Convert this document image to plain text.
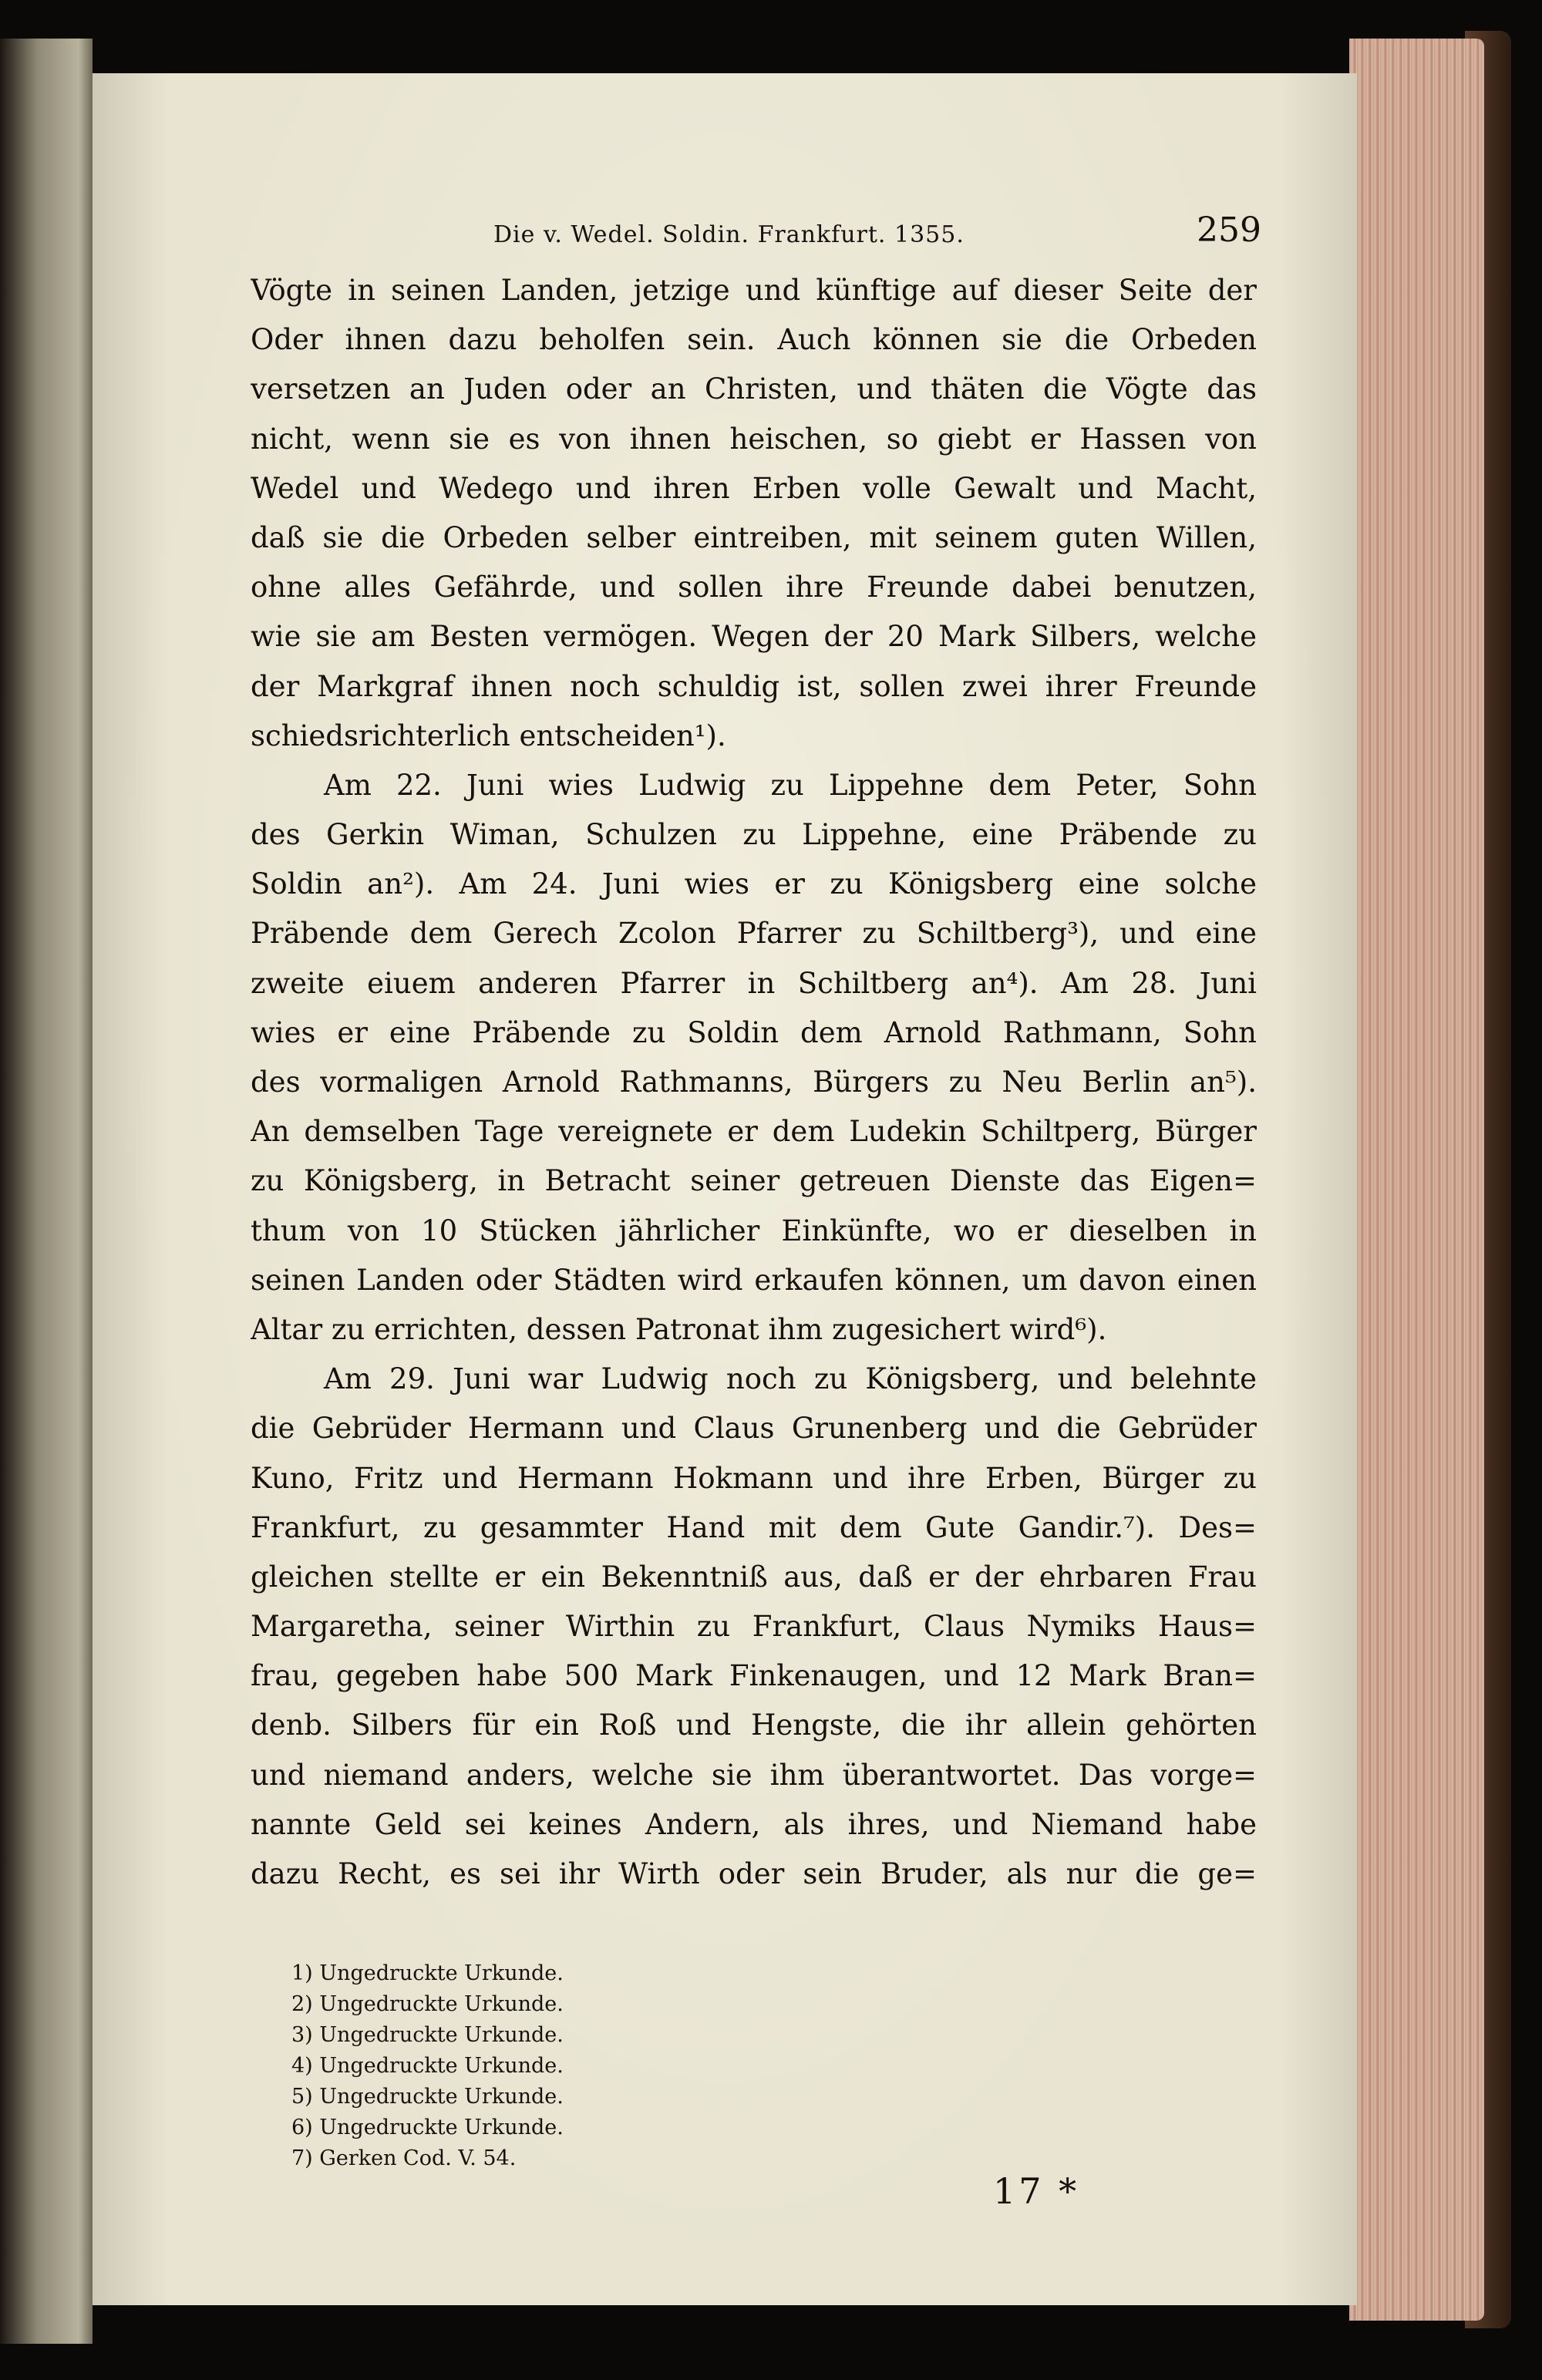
Die v. Wedel. Soldin. Frankfurt. 1355.	259
Vögte in seinen Landen, jetzige und künftige auf dieser Seite der
Oder ihnen dazu beholfen sein. Auch können sie die Orbeden
versetzen an Juden oder an Christen, und thäten die Vögte das
nicht, wenn sie es von ihnen heischen, so giebt er Hassen von
Wedel und Wedego und ihren Erben volle Gewalt und Macht,
daß sie die Orbeden selber eintreiben, mit seinem guten Willen,
ohne alles Gefährde, und sollen ihre Freunde dabei benutzen,
wie sie am Besten vermögen. Wegen der 20 Mark Silbers, welche
der Markgraf ihnen noch schuldig ist, sollen zwei ihrer Freunde
schiedsrichterlich entscheiden¹).
Am 22. Juni wies Ludwig zu Lippehne dem Peter, Sohn
des Gerkin Wiman, Schulzen zu Lippehne, eine Präbende zu
Soldin an²). Am 24. Juni wies er zu Königsberg eine solche
Präbende dem Gerech Zcolon Pfarrer zu Schiltberg³), und eine
zweite eiuem anderen Pfarrer in Schiltberg an⁴). Am 28. Juni
wies er eine Präbende zu Soldin dem Arnold Rathmann, Sohn
des vormaligen Arnold Rathmanns, Bürgers zu Neu Berlin an⁵).
An demselben Tage vereignete er dem Ludekin Schiltperg, Bürger
zu Königsberg, in Betracht seiner getreuen Dienste das Eigen=
thum von 10 Stücken jährlicher Einkünfte, wo er dieselben in
seinen Landen oder Städten wird erkaufen können, um davon einen
Altar zu errichten, dessen Patronat ihm zugesichert wird⁶).
Am 29. Juni war Ludwig noch zu Königsberg, und belehnte
die Gebrüder Hermann und Claus Grunenberg und die Gebrüder
Kuno, Fritz und Hermann Hokmann und ihre Erben, Bürger zu
Frankfurt, zu gesammter Hand mit dem Gute Gandir.⁷). Des=
gleichen stellte er ein Bekenntniß aus, daß er der ehrbaren Frau
Margaretha, seiner Wirthin zu Frankfurt, Claus Nymiks Haus=
frau, gegeben habe 500 Mark Finkenaugen, und 12 Mark Bran=
denb. Silbers für ein Roß und Hengste, die ihr allein gehörten
und niemand anders, welche sie ihm überantwortet. Das vorge=
nannte Geld sei keines Andern, als ihres, und Niemand habe
dazu Recht, es sei ihr Wirth oder sein Bruder, als nur die ge=
1) Ungedruckte Urkunde.
2) Ungedruckte Urkunde.
3) Ungedruckte Urkunde.
4) Ungedruckte Urkunde.
5) Ungedruckte Urkunde.
6) Ungedruckte Urkunde.
7) Gerken Cod. V. 54.
17 *
